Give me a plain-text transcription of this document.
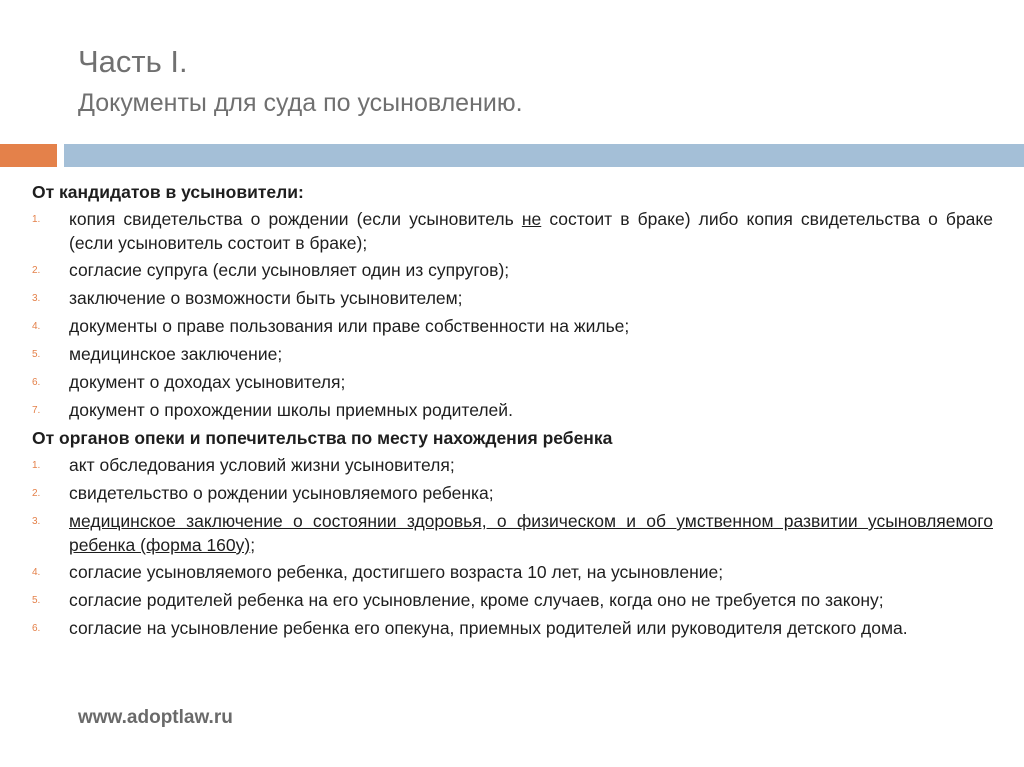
Часть I.
Документы для суда по усыновлению.
От кандидатов в усыновители:
1.	копия свидетельства о рождении (если усыновитель не состоит в браке) либо копия свидетельства о браке (если усыновитель состоит в браке);
2.	согласие супруга (если усыновляет один из супругов);
3.	заключение о возможности быть усыновителем;
4.	документы о праве пользования или праве собственности на жилье;
5.	медицинское заключение;
6.	документ о доходах усыновителя;
7.	документ о прохождении школы приемных родителей.
От органов опеки и попечительства по месту нахождения ребенка
1.	акт обследования условий жизни усыновителя;
2.	свидетельство о рождении усыновляемого ребенка;
3.	медицинское заключение о состоянии здоровья, о физическом и об умственном развитии усыновляемого ребенка (форма 160у);
4.	согласие усыновляемого ребенка, достигшего возраста 10 лет, на усыновление;
5.	согласие родителей ребенка на его усыновление, кроме случаев, когда оно не требуется по закону;
6.	согласие на усыновление ребенка его опекуна, приемных родителей или руководителя детского дома.
www.adoptlaw.ru
